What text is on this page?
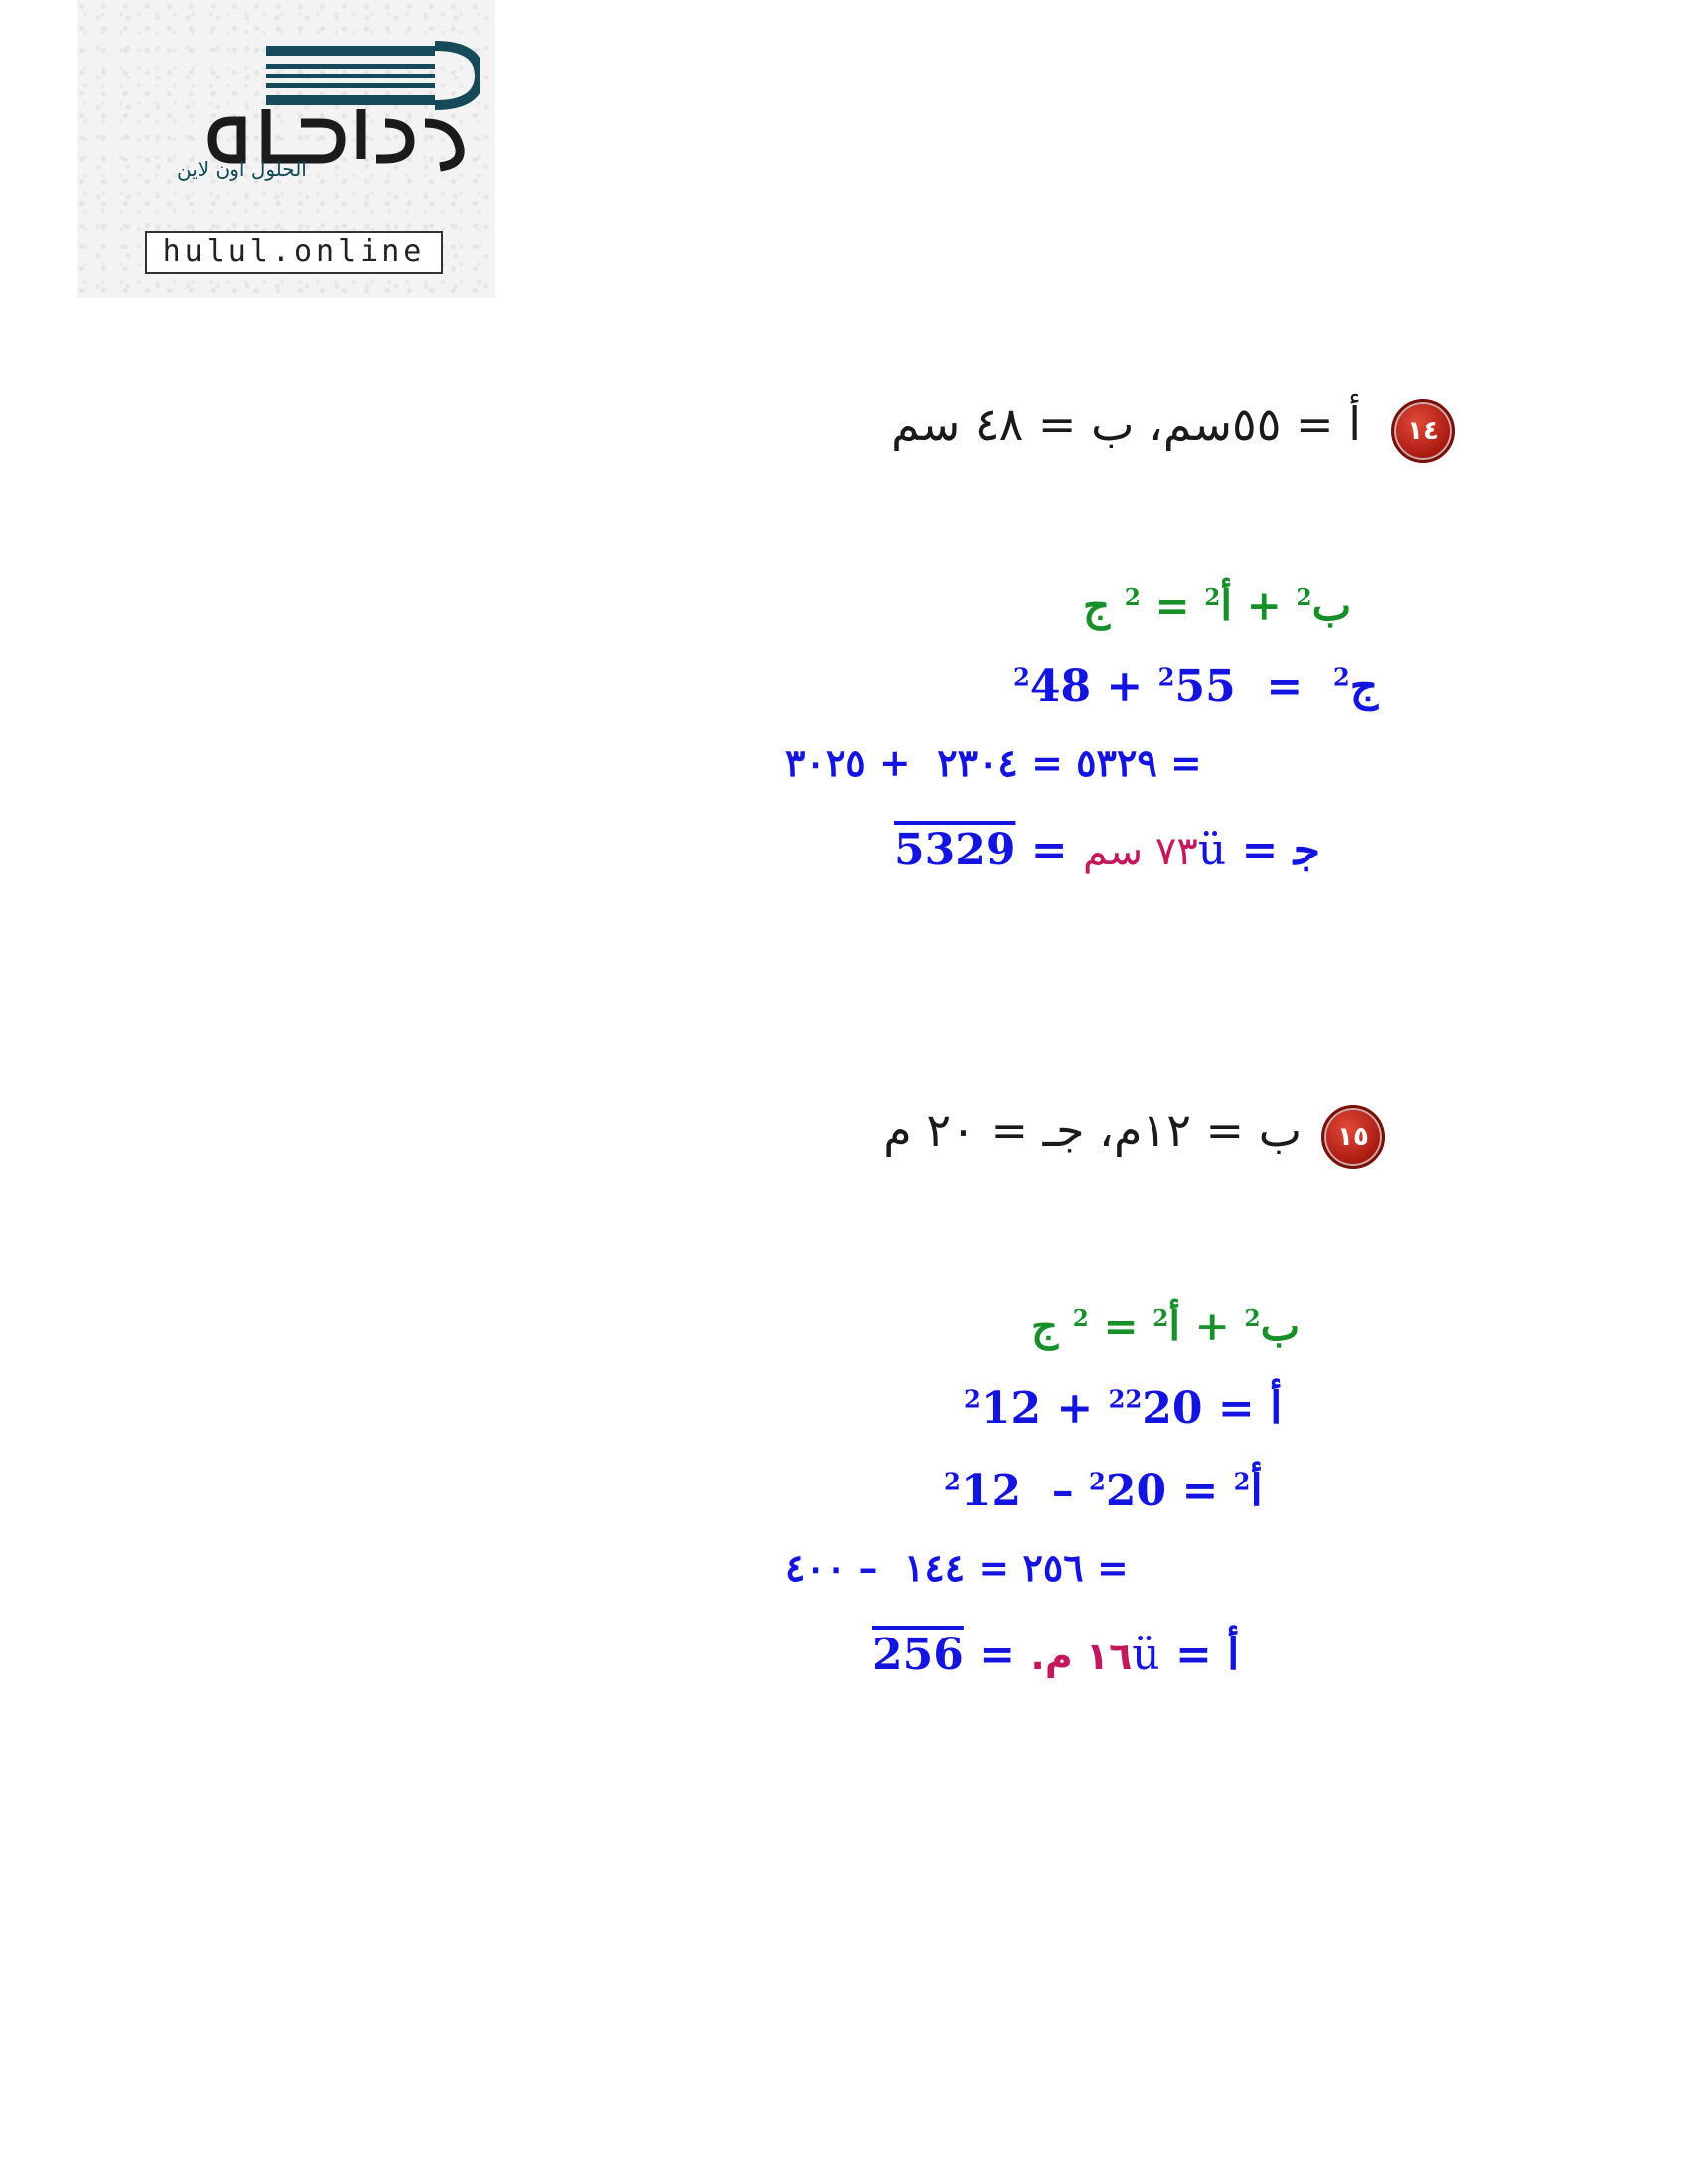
الحلول اون لاين
hulul.online
١٤
أ = ٥٥سم، ب = ٤٨ سم
ب$^2$ + أ$^2$ = $^2$ ج
$^2$48 + $^2$55 = ج$^2$
٥٣٢٩ = ٢٣٠٤  + ٣٠٢٥	=
٧٣ سم = 5329	ü = ﺟ
١٥
ب = ١٢م، جـ = ٢٠ م
ب$^2$ + أ$^2$ = $^2$ ج
$^2$12 + $^2$	أ = $^2$20
$^2$12 – $^2$20 = $^2$أ
٢٥٦ = ١٤٤  – ٤٠٠	=
١٦ م. = 256	ü = أ
